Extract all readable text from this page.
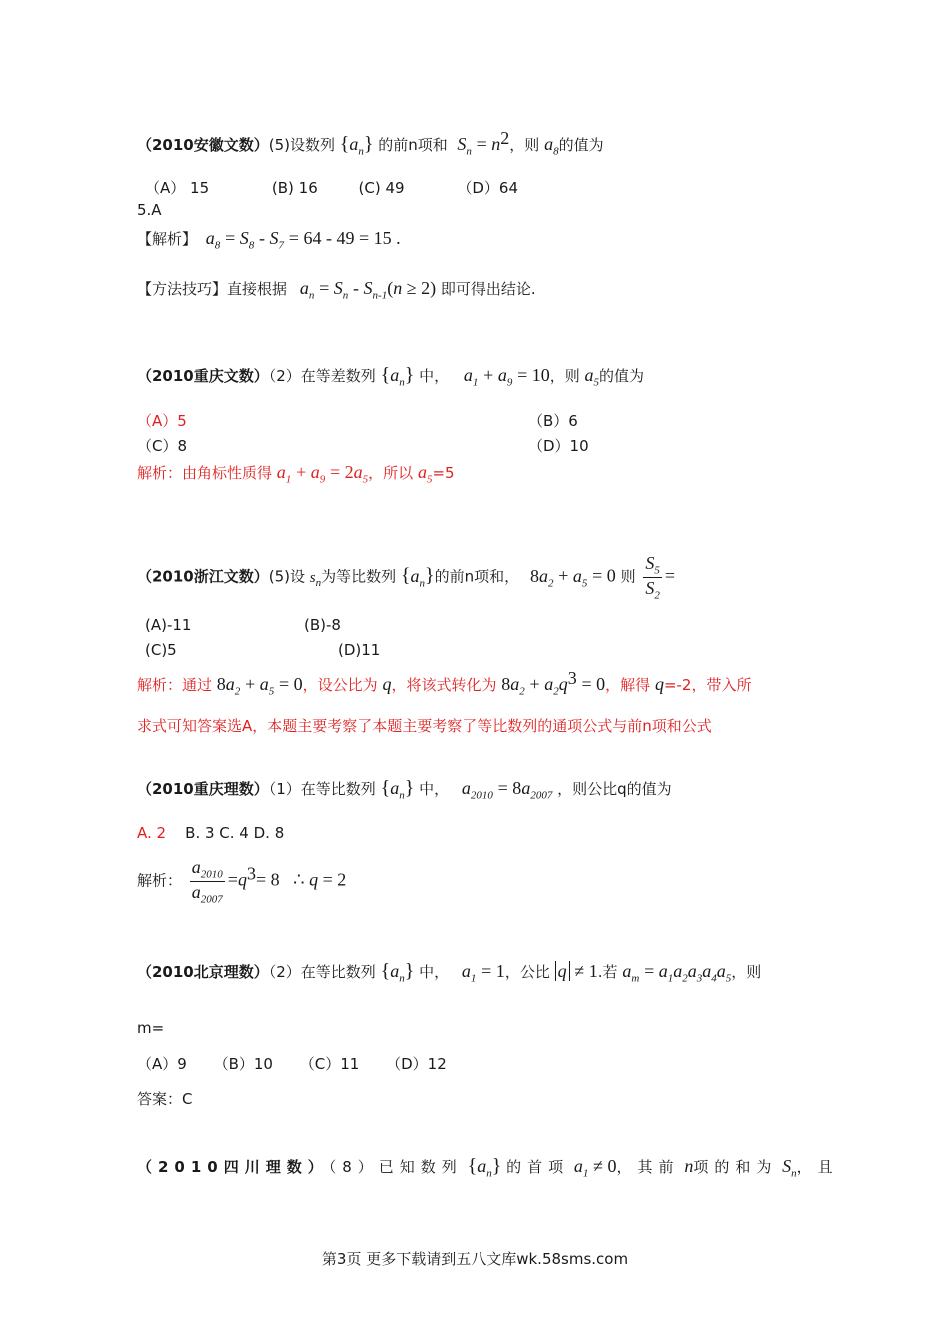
（2010安徽文数）(5)设数列 $\{a_n\}$ 的前n项和 $S_n = n^2$，则 $a_8$的值为
（A） 15	(B) 16	(C) 49	（D）64
5.A
【解析】 $a_8 = S_8 - S_7 = 64 - 49 = 15$ .
【方法技巧】直接根据 $a_n = S_n - S_{n-1}(n \ge 2)$ 即可得出结论.
（2010重庆文数）（2）在等差数列 $\{a_n\}$ 中， $a_1 + a_9 = 10$，则 $a_5$的值为
（A）5	（B）6
（C）8	（D）10
解析：由角标性质得 $a_1 + a_9 = 2a_5$，所以 $a_5=5$
（2010浙江文数）(5)设 $s_n$为等比数列 $\{a_n\}$的前n项和， $8a_2 + a_5 = 0$ 则 $\frac{S_5}{S_2}$ =
(A)-11	(B)-8
(C)5	(D)11
解析：通过 $8a_2 + a_5 = 0$，设公比为 q，将该式转化为 $8a_2 + a_2q^3 = 0$，解得 q=-2，带入所
求式可知答案选A，本题主要考察了本题主要考察了等比数列的通项公式与前n项和公式
（2010重庆理数）（1）在等比数列 $\{a_n\}$ 中， $a_{2010} = 8a_{2007}$ ，则公比q的值为
A. 2 B. 3 C. 4 D. 8
解析： $\frac{a_{2010}}{a_{2007}} =q^3= 8$   ∴ q = 2
（2010北京理数）（2）在等比数列 $\{a_n\}$ 中， $a_1 = 1$，公比 q ≠ 1.若 $a_m = a_1a_2a_3a_4a_5$，则
m=
（A）9 （B）10 （C）11 （D）12
答案：C
（2010四川理数）（8）已知数列 $\{a_n\}$ 的首项 $a_1 \ne 0$，其前 n项的和为 $S_n$，且
第3页 更多下载请到五八文库wk.58sms.com
